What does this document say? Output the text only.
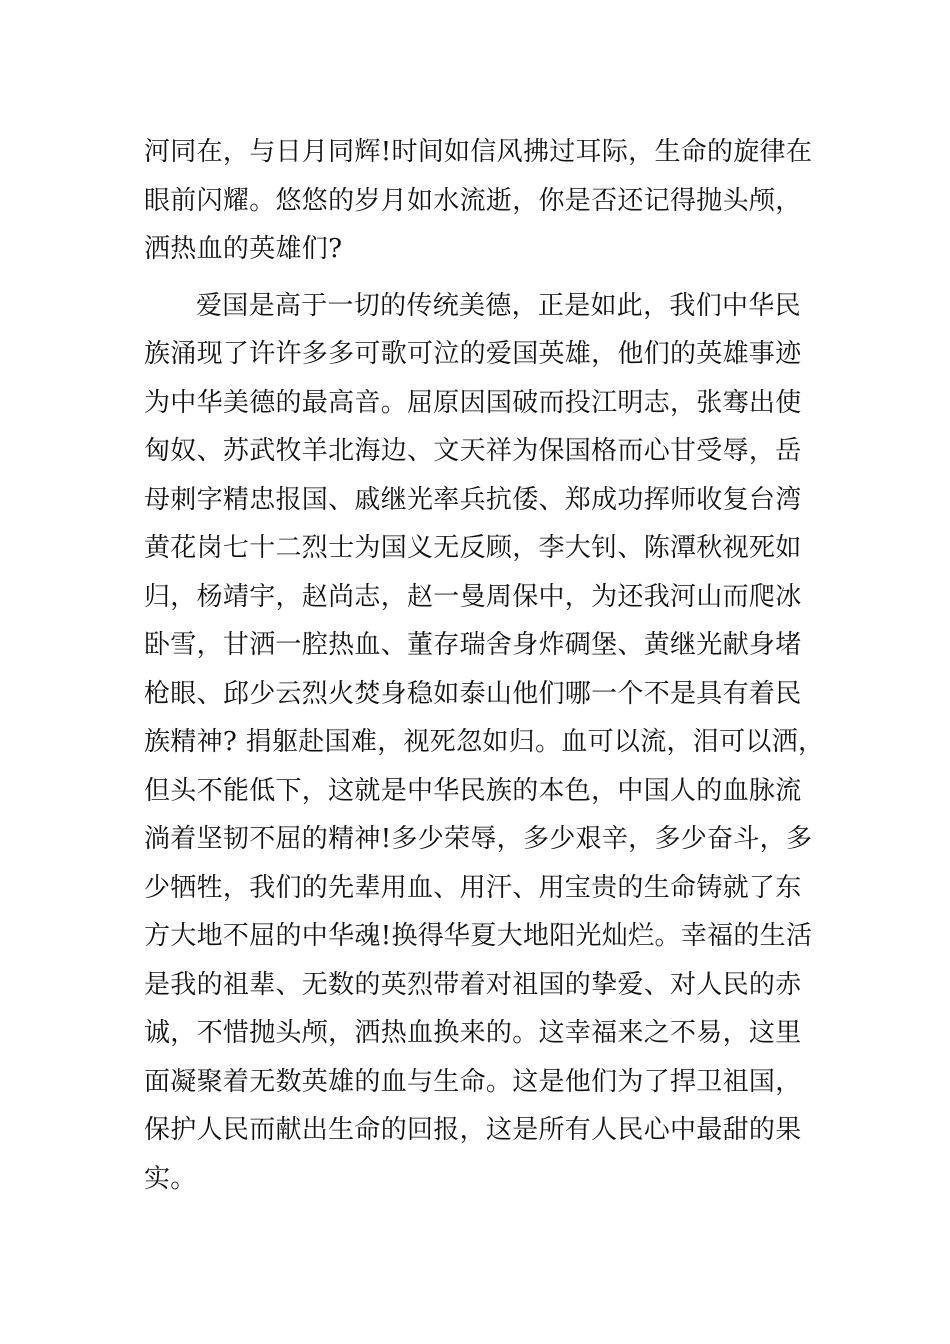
河同在，与日月同辉!时间如信风拂过耳际，生命的旋律在
眼前闪耀。悠悠的岁月如水流逝，你是否还记得抛头颅，
洒热血的英雄们?
爱国是高于一切的传统美德，正是如此，我们中华民
族涌现了许许多多可歌可泣的爱国英雄，他们的英雄事迹
为中华美德的最高音。屈原因国破而投江明志，张骞出使
匈奴、苏武牧羊北海边、文天祥为保国格而心甘受辱，岳
母刺字精忠报国、戚继光率兵抗倭、郑成功挥师收复台湾
黄花岗七十二烈士为国义无反顾，李大钊、陈潭秋视死如
归，杨靖宇，赵尚志，赵一曼周保中，为还我河山而爬冰
卧雪，甘洒一腔热血、董存瑞舍身炸碉堡、黄继光献身堵
枪眼、邱少云烈火焚身稳如泰山他们哪一个不是具有着民
族精神? 捐躯赴国难，视死忽如归。血可以流，泪可以洒，
但头不能低下，这就是中华民族的本色，中国人的血脉流
淌着坚韧不屈的精神!多少荣辱，多少艰辛，多少奋斗，多
少牺牲，我们的先辈用血、用汗、用宝贵的生命铸就了东
方大地不屈的中华魂!换得华夏大地阳光灿烂。幸福的生活
是我的祖辈、无数的英烈带着对祖国的挚爱、对人民的赤
诚，不惜抛头颅，洒热血换来的。这幸福来之不易，这里
面凝聚着无数英雄的血与生命。这是他们为了捍卫祖国，
保护人民而献出生命的回报，这是所有人民心中最甜的果
实。
